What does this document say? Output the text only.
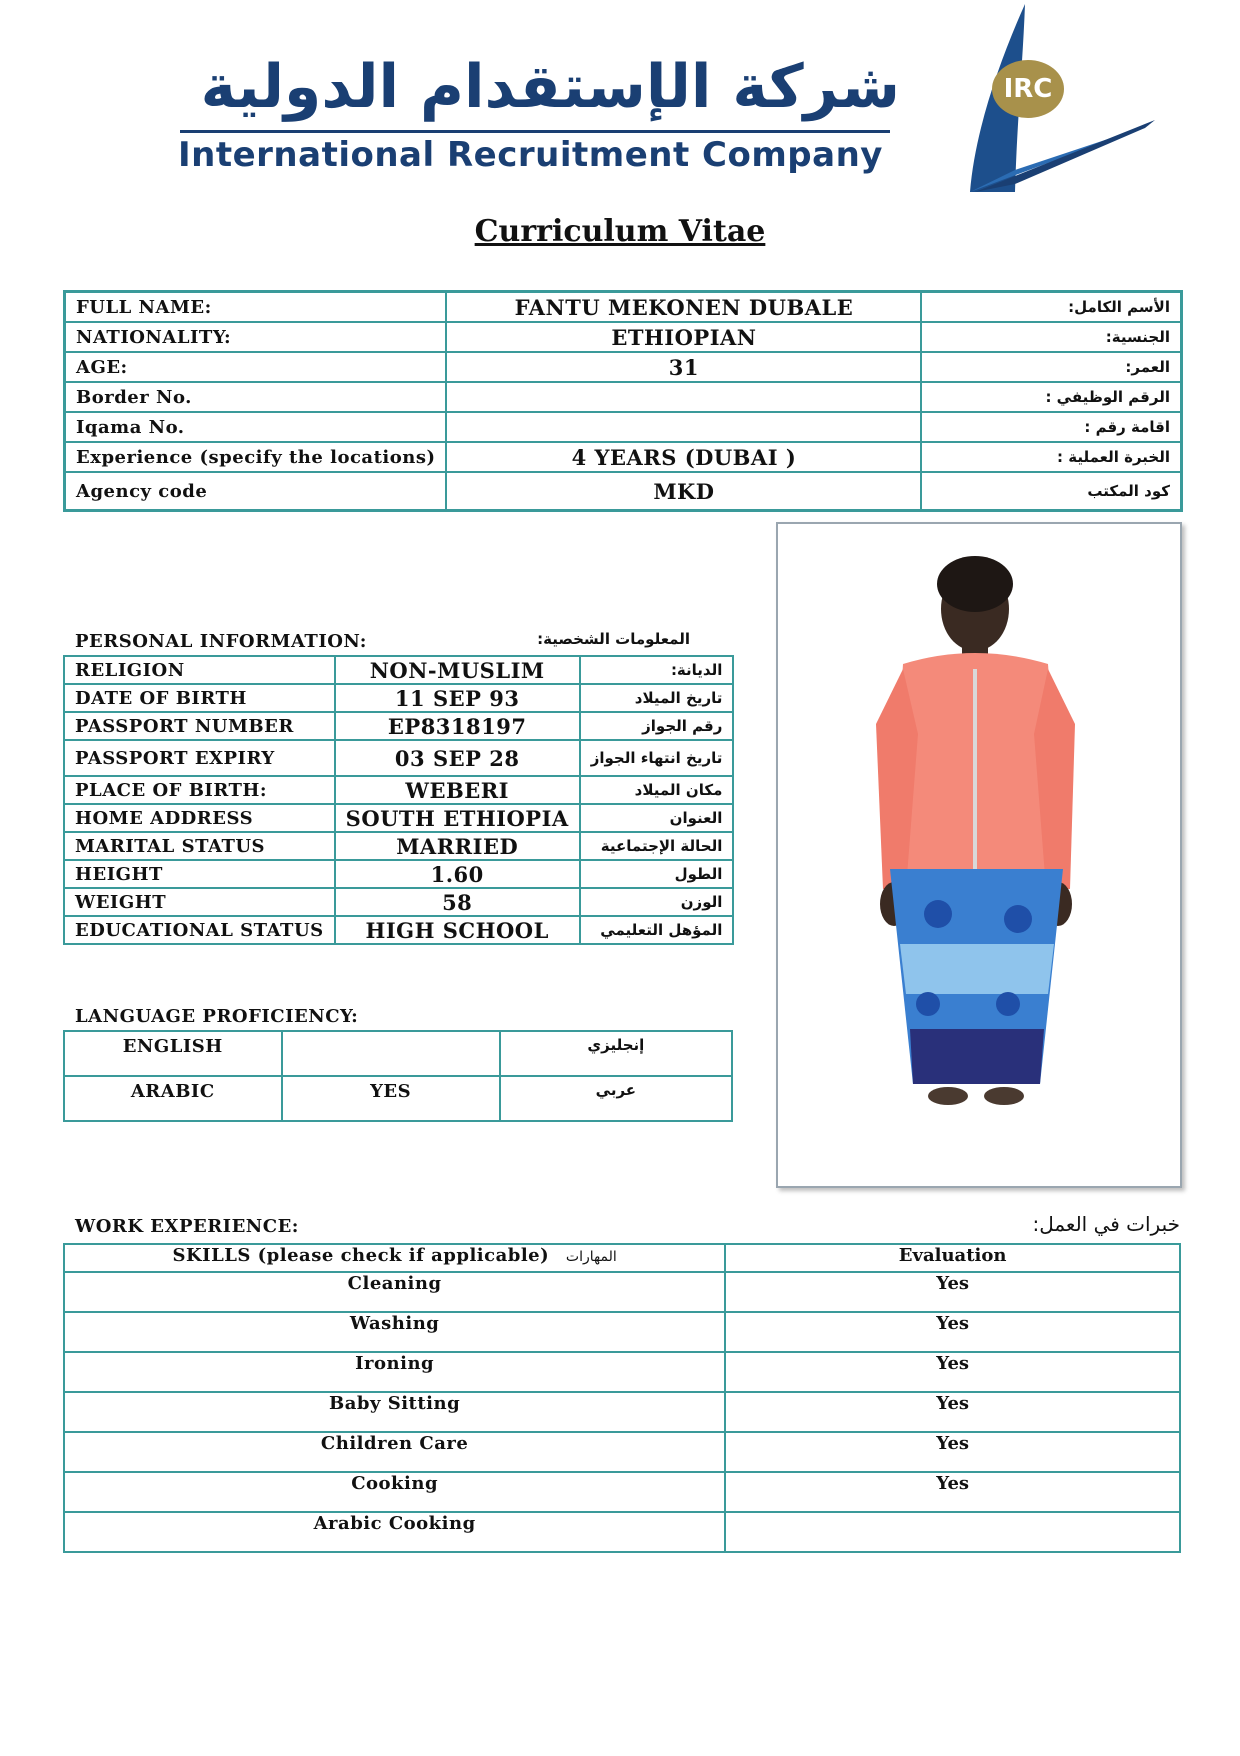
شركة الإستقدام الدولية
International Recruitment Company
IRC
Curriculum Vitae
FULL NAME:	FANTU MEKONEN DUBALE	الأسم الكامل:
NATIONALITY:	ETHIOPIAN	الجنسية:
AGE:	31	العمر:
Border No.		الرقم الوظيفي :
Iqama No.		اقامة رقم :
Experience (specify the locations)	4 YEARS (DUBAI )	الخبرة العملية :
Agency code	MKD	كود المكتب
PERSONAL INFORMATION:	المعلومات الشخصية:
RELIGION	NON-MUSLIM	الديانة:
DATE OF BIRTH	11 SEP 93	تاريخ الميلاد
PASSPORT NUMBER	EP8318197	رقم الجواز
PASSPORT EXPIRY	03 SEP 28	تاريخ انتهاء الجواز
PLACE OF BIRTH:	WEBERI	مكان الميلاد
HOME ADDRESS	SOUTH ETHIOPIA	العنوان
MARITAL STATUS	MARRIED	الحالة الإجتماعية
HEIGHT	1.60	الطول
WEIGHT	58	الوزن
EDUCATIONAL STATUS	HIGH SCHOOL	المؤهل التعليمي
LANGUAGE PROFICIENCY:
ENGLISH		إنجليزي
ARABIC	YES	عربي
WORK EXPERIENCE:	خبرات في العمل:
SKILLS (please check if applicable) المهارات	Evaluation
Cleaning	Yes
Washing	Yes
Ironing	Yes
Baby Sitting	Yes
Children Care	Yes
Cooking	Yes
Arabic Cooking	
